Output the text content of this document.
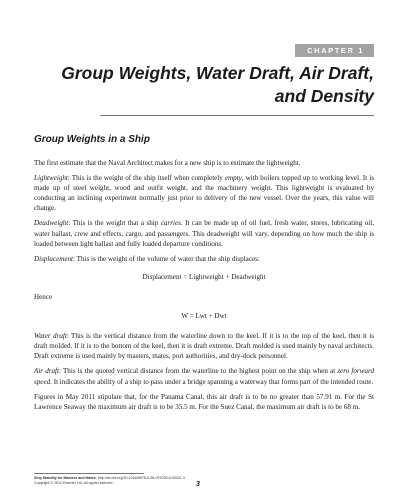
CHAPTER 1
Group Weights, Water Draft, Air Draft, and Density
Group Weights in a Ship

The first estimate that the Naval Architect makes for a new ship is to estimate the lightweight.

Lightweight: This is the weight of the ship itself when completely empty, with boilers topped up to working level. It is made up of steel weight, wood and outfit weight, and the machinery weight. This lightweight is evaluated by conducting an inclining experiment normally just prior to delivery of the new vessel. Over the years, this value will change.

Deadweight: This is the weight that a ship carries. It can be made up of oil fuel, fresh water, stores, lubricating oil, water ballast, crew and effects, cargo, and passengers. This deadweight will vary, depending on how much the ship is loaded between light ballast and fully loaded departure conditions.

Displacement: This is the weight of the volume of water that the ship displaces:

Displacement = Lightweight + Deadweight

Hence

W = Lwt + Dwt

Water draft: This is the vertical distance from the waterline down to the keel. If it is to the top of the keel, then it is draft molded. If it is to the bottom of the keel, then it is draft extreme. Draft molded is used mainly by naval architects. Draft extreme is used mainly by masters, mates, port authorities, and dry-dock personnel.

Air draft: This is the quoted vertical distance from the waterline to the highest point on the ship when at zero forward speed. It indicates the ability of a ship to pass under a bridge spanning a waterway that forms part of the intended route.

Figures in May 2011 stipulate that, for the Panama Canal, this air draft is to be no greater than 57.91 m. For the St Lawrence Seaway the maximum air draft is to be 35.5 m. For the Suez Canal, the maximum air draft is to be 68 m.

Ship Stability for Masters and Mates. http://dx.doi.org/10.1016/B978-0-08-097093-6.00001-3
Copyright © 2012 Elsevier Ltd. All rights reserved.	3
